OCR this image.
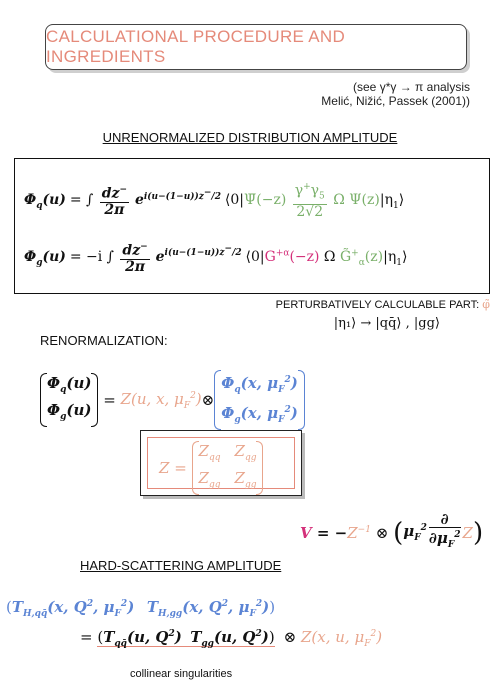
CALCULATIONAL PROCEDURE AND INGREDIENTS
(see γ*γ → π analysis
Melić, Nižić, Passek (2001))
UNRENORMALIZED DISTRIBUTION AMPLITUDE
$\Phi_q(u)$ = ∫ $\frac{dz^-}{2\pi} e^{i(u-(1-u))z^-/2}$ ⟨0|Ψ̄(−z) $\frac{\gamma^+\gamma_5}{2√2}$ Ω $\Psi(z)|\eta_1⟩$
$\Phi_g(u) = -i$ ∫ $\frac{dz^-}{2\pi} e^{i(u-(1-u))z^-/2}$ $⟨0|G^{+\alpha}(-z)$ Ω $G̃^+_\alpha(z)|\eta_1⟩$
PERTURBATIVELY CALCULABLE PART: φ̃
|η₁⟩ → |qq̄⟩ , |gg⟩
RENORMALIZATION:
$\Phi_q(u)$
$\Phi_g(u)$
= Z(u, x, $\mu_F^2$) ⊗
$\Phi_q(x$, $\mu_F^2$)
$\Phi_g(x$, $\mu_F^2$)
Z =
$Z_{qq}$ $Z_{qg}$
$Z_{gq}$ $Z_{gg}$
V = − $Z^{-1}$ ⊗ ( $\mu_F^2 \frac{\partial}{\partial\mu_F^2}$ Z )
HARD-SCATTERING AMPLITUDE
($T_{H,qq̄}(x$, $Q^2$, $\mu_F^2$) $T_{H,gg}(x$, $Q^2$, $\mu_F^2$))
= ($T_{qq̄}(u$, $Q^2$) $T_{gg}(u$, $Q^2$))  ⊗ Z(x, u, $\mu_F^2$)
collinear singularities
